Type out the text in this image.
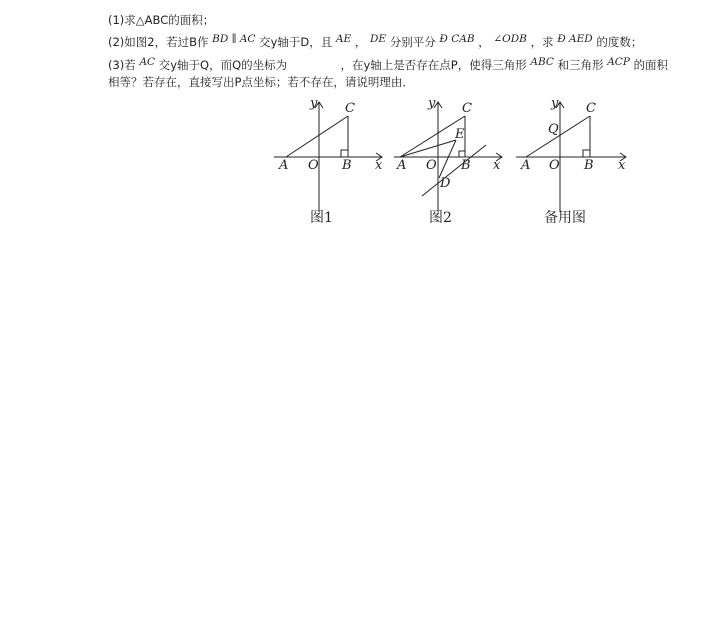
(1)求△ABC的面积；
(2)如图2，若过B作 BD ∥ AC 交y轴于D，且 AE ， DE 分别平分 Ð CAB ， ∠ODB ，求 Ð AED 的度数；
(3)若 AC 交y轴于Q，而Q的坐标为	，在y轴上是否存在点P，使得三角形 ABC 和三角形 ACP 的面积
相等？若存在，直接写出P点坐标；若不存在，请说明理由．
y C
A O B x
图1
y C
E
A O B x
D
图2
y C
Q
A O B x
备用图
